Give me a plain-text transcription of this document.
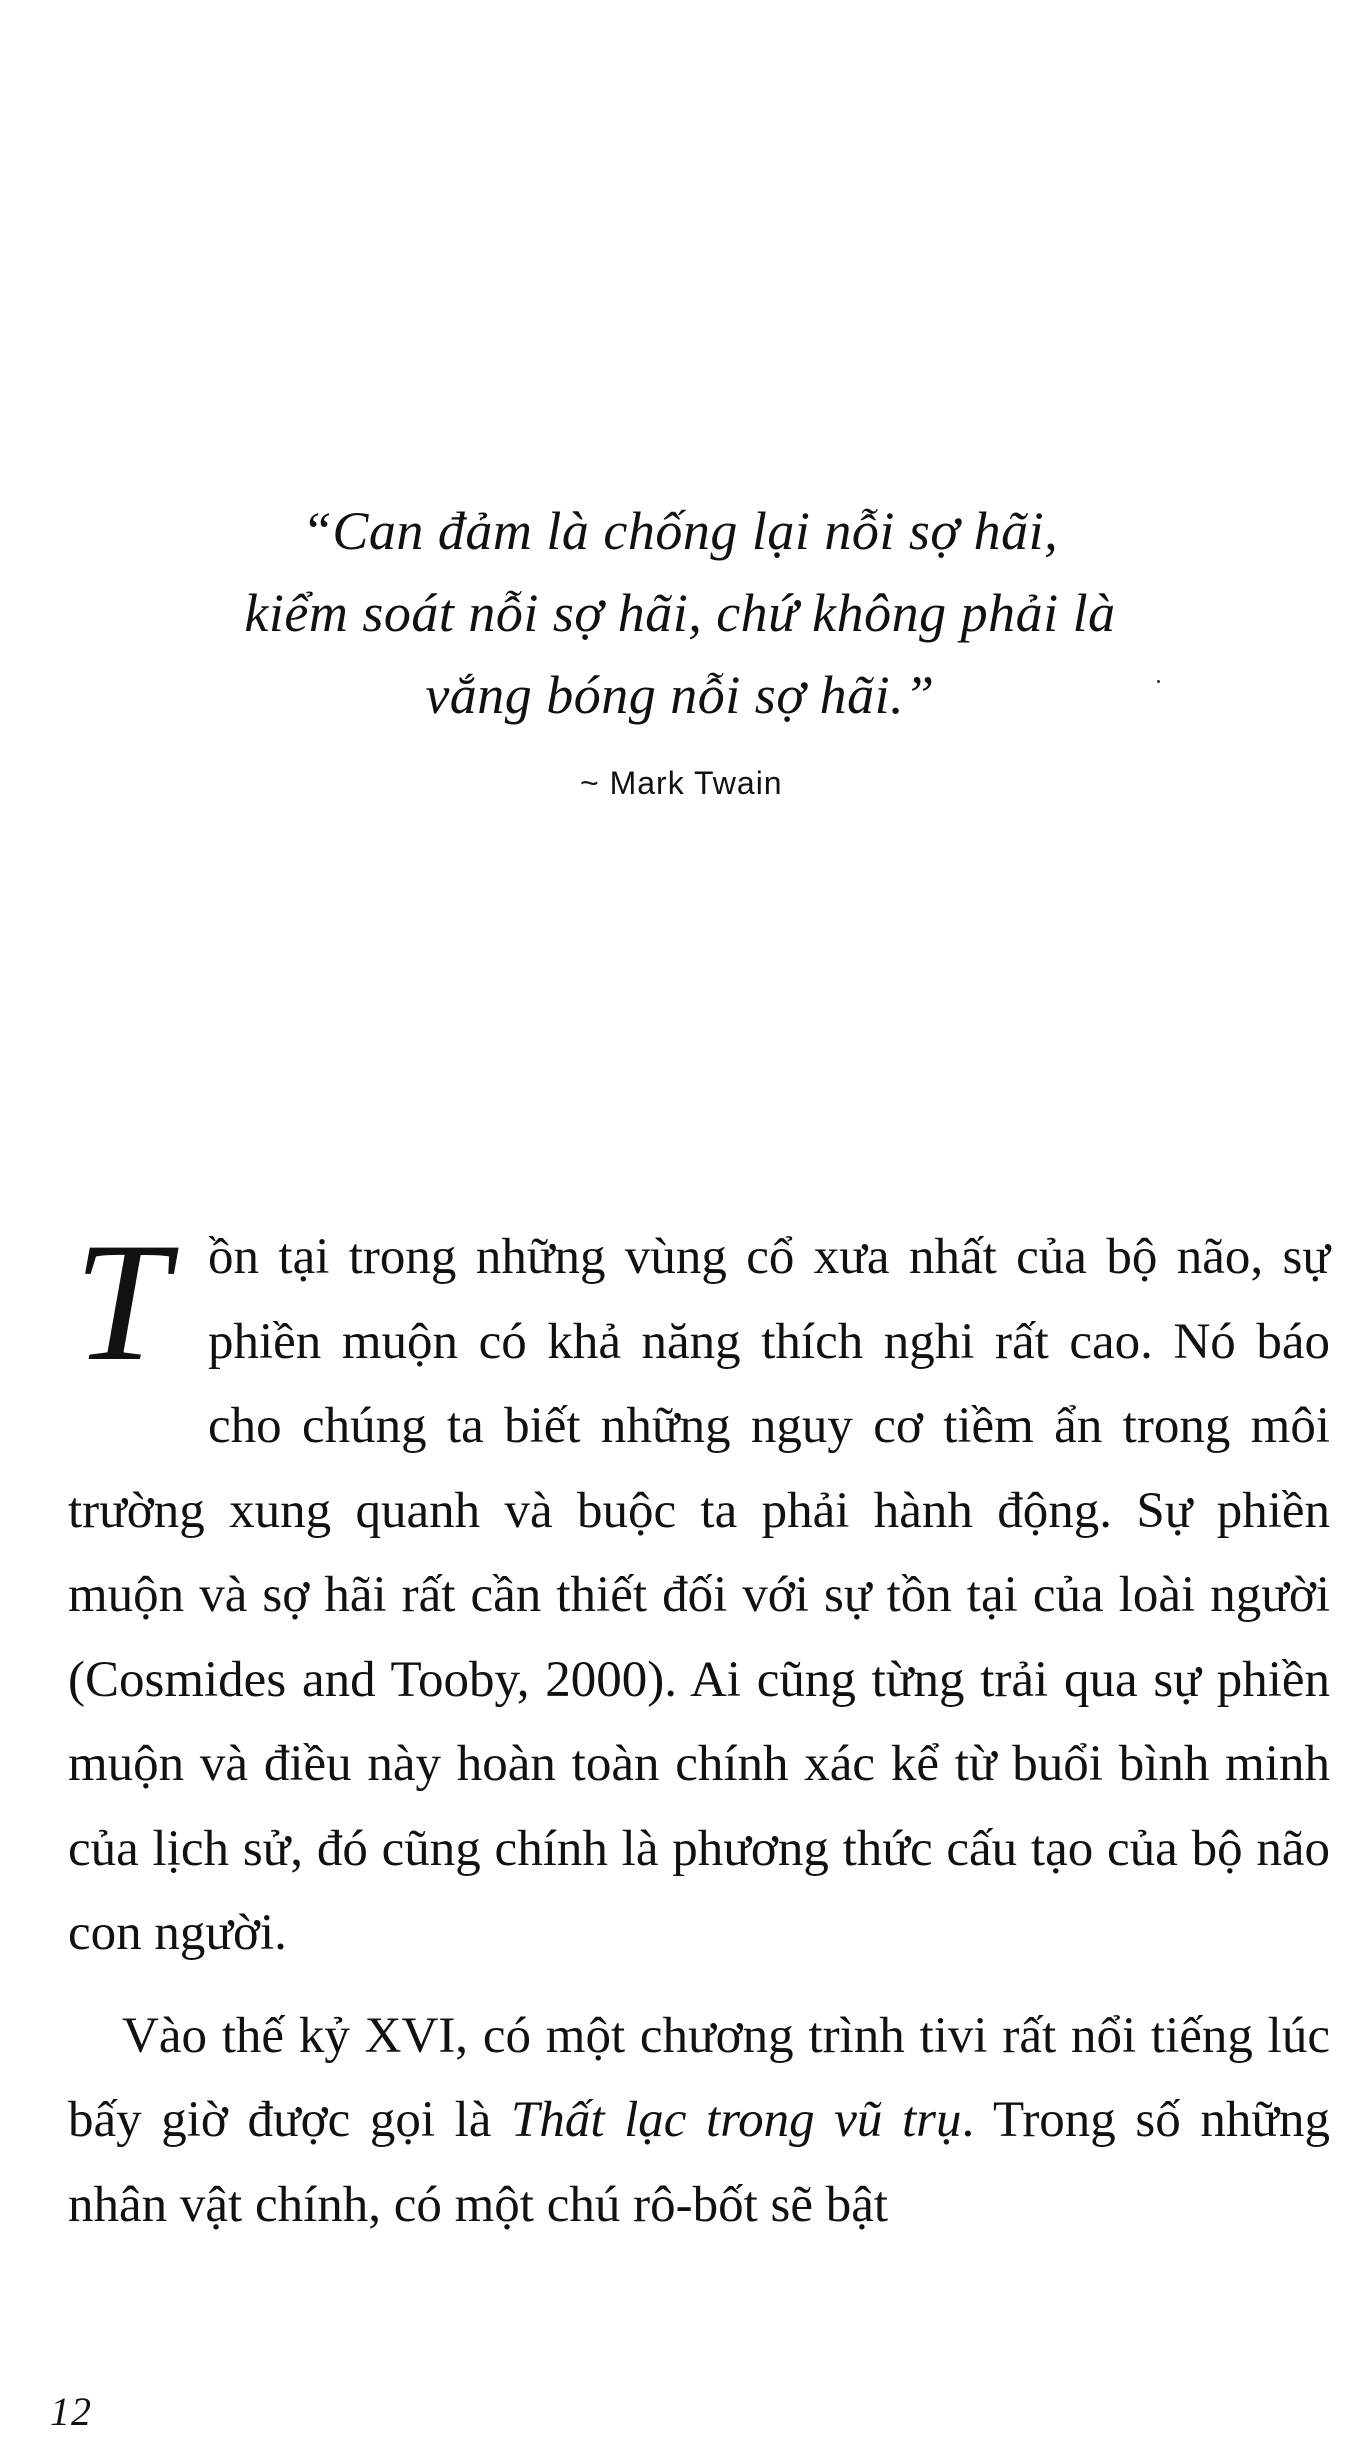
“Can đảm là chống lại nỗi sợ hãi,
kiểm soát nỗi sợ hãi, chứ không phải là
vắng bóng nỗi sợ hãi.”
~ Mark Twain

Tồn tại trong những vùng cổ xưa nhất của bộ não, sự phiền muộn có khả năng thích nghi rất cao. Nó báo cho chúng ta biết những nguy cơ tiềm ẩn trong môi trường xung quanh và buộc ta phải hành động. Sự phiền muộn và sợ hãi rất cần thiết đối với sự tồn tại của loài người (Cosmides and Tooby, 2000). Ai cũng từng trải qua sự phiền muộn và điều này hoàn toàn chính xác kể từ buổi bình minh của lịch sử, đó cũng chính là phương thức cấu tạo của bộ não con người.

Vào thế kỷ XVI, có một chương trình tivi rất nổi tiếng lúc bấy giờ được gọi là Thất lạc trong vũ trụ. Trong số những nhân vật chính, có một chú rô-bốt sẽ bật

12
